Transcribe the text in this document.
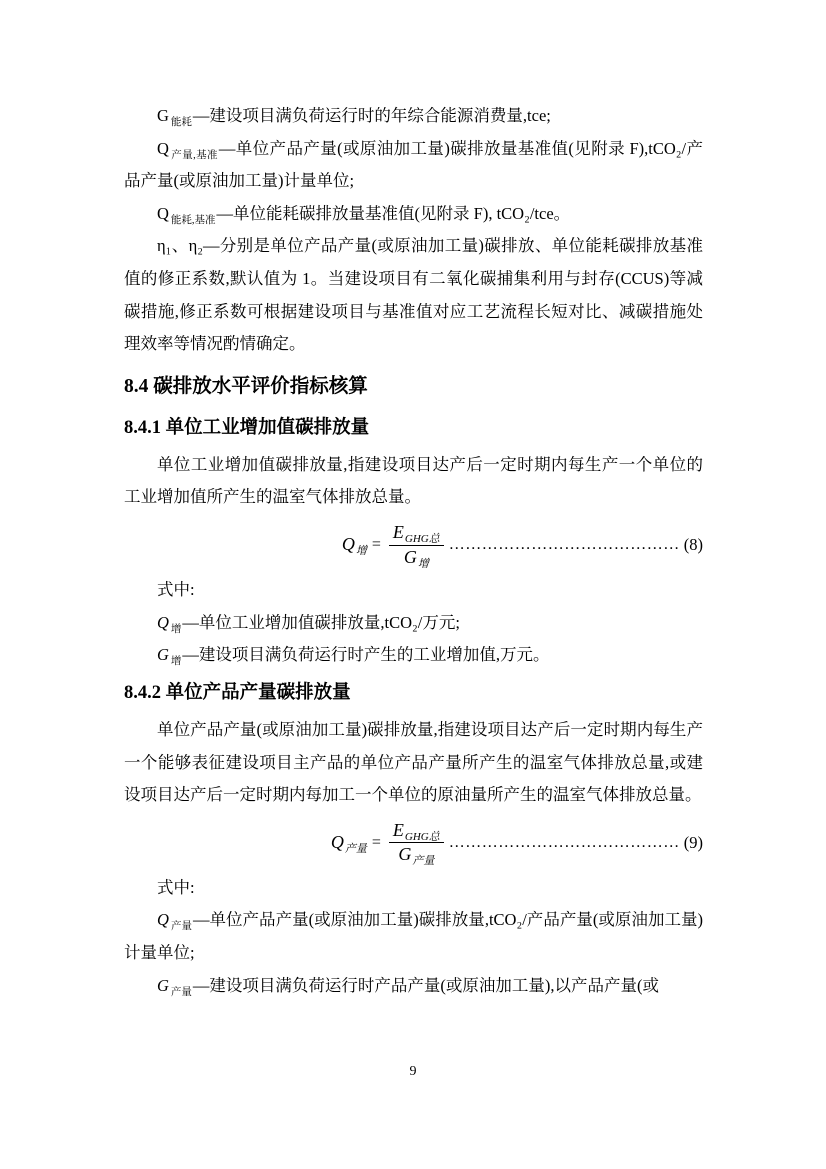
G $_{能耗}$—建设项目满负荷运行时的年综合能源消费量,tce;

Q $_{产量,基准}$—单位产品产量(或原油加工量)碳排放量基准值(见附录 F),tCO₂/产品产量(或原油加工量)计量单位;

Q $_{能耗,基准}$—单位能耗碳排放量基准值(见附录 F), tCO₂/tce。

η₁、η₂—分别是单位产品产量(或原油加工量)碳排放、单位能耗碳排放基准值的修正系数,默认值为 1。当建设项目有二氧化碳捕集利用与封存(CCUS)等减碳措施,修正系数可根据建设项目与基准值对应工艺流程长短对比、减碳措施处理效率等情况酌情确定。

8.4 碳排放水平评价指标核算
8.4.1 单位工业增加值碳排放量

单位工业增加值碳排放量,指建设项目达产后一定时期内每生产一个单位的工业增加值所产生的温室气体排放总量。

$Q_增 = \frac{E_{GHG总}}{G_增}$ …………………………………… (8)

式中:

Q $_增$—单位工业增加值碳排放量,tCO₂/万元;

G $_增$—建设项目满负荷运行时产生的工业增加值,万元。

8.4.2 单位产品产量碳排放量

单位产品产量(或原油加工量)碳排放量,指建设项目达产后一定时期内每生产一个能够表征建设项目主产品的单位产品产量所产生的温室气体排放总量,或建设项目达产后一定时期内每加工一个单位的原油量所产生的温室气体排放总量。

$Q_{产量} = \frac{E_{GHG总}}{G_{产量}}$ …………………………………… (9)

式中:

Q $_{产量}$—单位产品产量(或原油加工量)碳排放量,tCO₂/产品产量(或原油加工量)计量单位;

G $_{产量}$—建设项目满负荷运行时产品产量(或原油加工量),以产品产量(或

9
